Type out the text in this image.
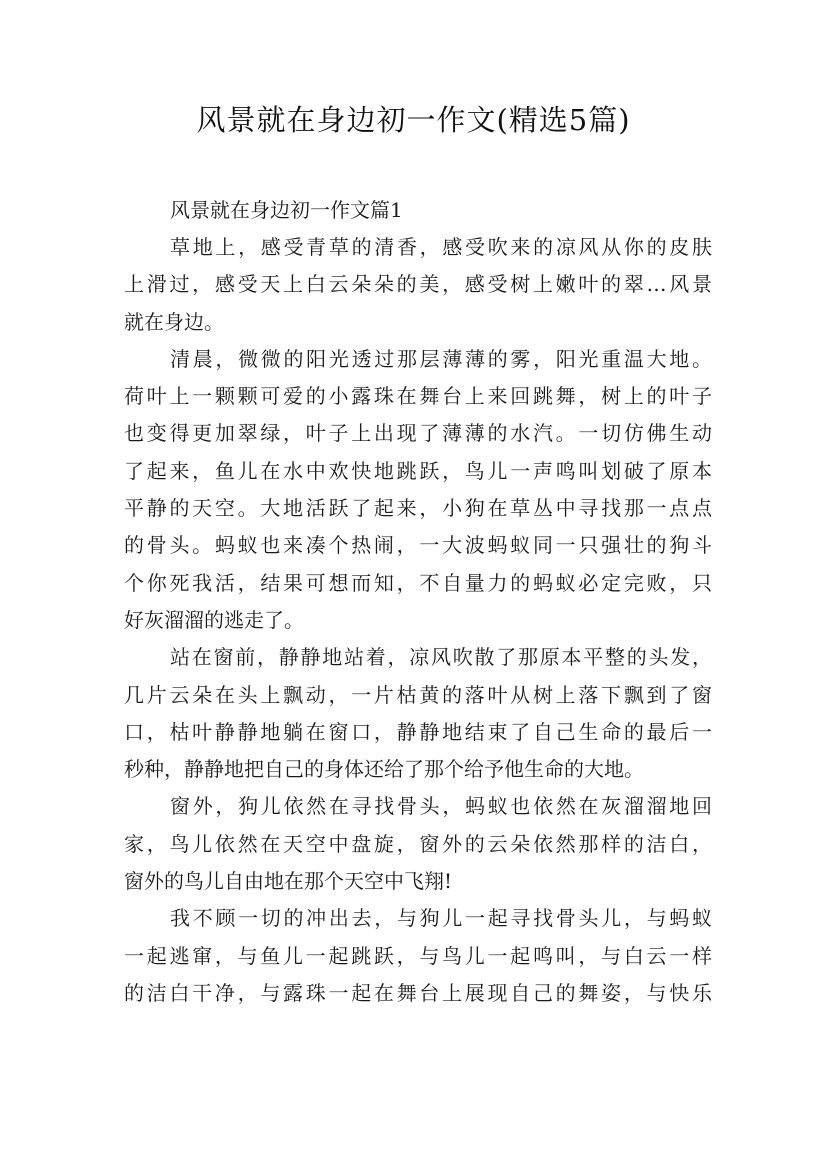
风景就在身边初一作文(精选5篇)
风景就在身边初一作文篇1

草地上，感受青草的清香，感受吹来的凉风从你的皮肤
上滑过，感受天上白云朵朵的美，感受树上嫩叶的翠…风景
就在身边。

清晨，微微的阳光透过那层薄薄的雾，阳光重温大地。
荷叶上一颗颗可爱的小露珠在舞台上来回跳舞，树上的叶子
也变得更加翠绿，叶子上出现了薄薄的水汽。一切仿佛生动
了起来，鱼儿在水中欢快地跳跃，鸟儿一声鸣叫划破了原本
平静的天空。大地活跃了起来，小狗在草丛中寻找那一点点
的骨头。蚂蚁也来凑个热闹，一大波蚂蚁同一只强壮的狗斗
个你死我活，结果可想而知，不自量力的蚂蚁必定完败，只
好灰溜溜的逃走了。

站在窗前，静静地站着，凉风吹散了那原本平整的头发，
几片云朵在头上飘动，一片枯黄的落叶从树上落下飘到了窗
口，枯叶静静地躺在窗口，静静地结束了自己生命的最后一
秒种，静静地把自己的身体还给了那个给予他生命的大地。

窗外，狗儿依然在寻找骨头，蚂蚁也依然在灰溜溜地回
家，鸟儿依然在天空中盘旋，窗外的云朵依然那样的洁白，
窗外的鸟儿自由地在那个天空中飞翔!

我不顾一切的冲出去，与狗儿一起寻找骨头儿，与蚂蚁
一起逃窜，与鱼儿一起跳跃，与鸟儿一起鸣叫，与白云一样
的洁白干净，与露珠一起在舞台上展现自己的舞姿，与快乐
